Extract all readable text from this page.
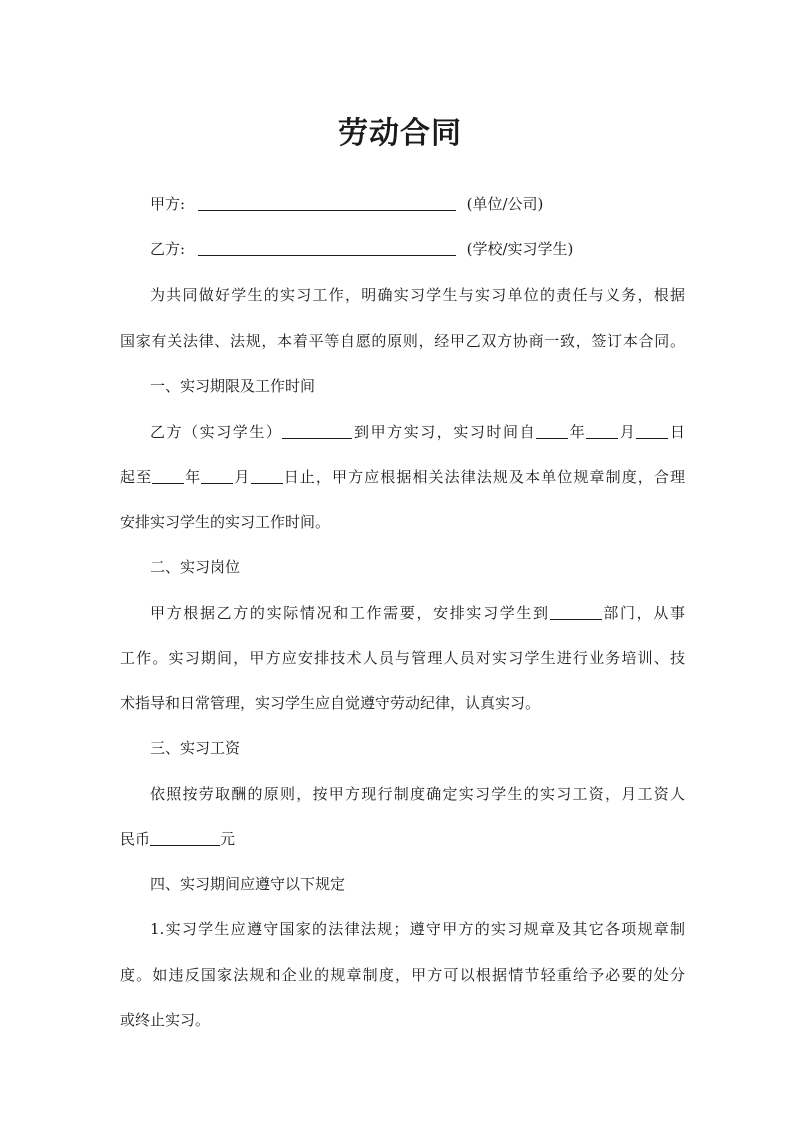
劳动合同
甲方:	(单位/公司)
乙方:	(学校/实习学生)
为共同做好学生的实习工作，明确实习学生与实习单位的责任与义务，根据
国家有关法律、法规，本着平等自愿的原则，经甲乙双方协商一致，签订本合同。
一、实习期限及工作时间
乙方（实习学生）	到甲方实习，实习时间自 年 月 日
起至 年 月 日止，甲方应根据相关法律法规及本单位规章制度，合理
安排实习学生的实习工作时间。
二、实习岗位
甲方根据乙方的实际情况和工作需要，安排实习学生到	部门，从事
工作。实习期间，甲方应安排技术人员与管理人员对实习学生进行业务培训、技
术指导和日常管理，实习学生应自觉遵守劳动纪律，认真实习。
三、实习工资
依照按劳取酬的原则，按甲方现行制度确定实习学生的实习工资，月工资人
民币	元
四、实习期间应遵守以下规定
1.实习学生应遵守国家的法律法规；遵守甲方的实习规章及其它各项规章制
度。如违反国家法规和企业的规章制度，甲方可以根据情节轻重给予必要的处分
或终止实习。
